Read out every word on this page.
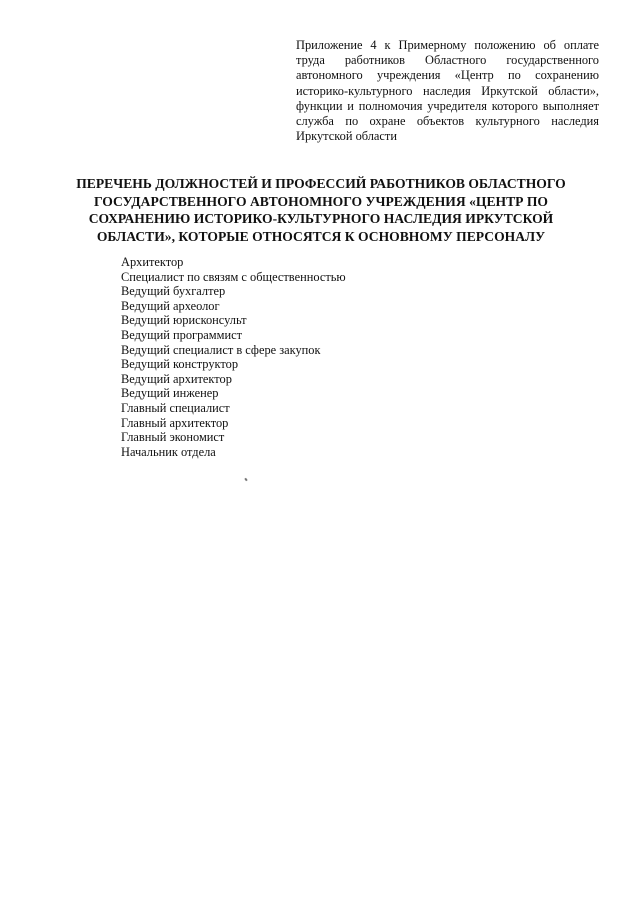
Приложение 4 к Примерному положению об оплате труда работников Областного государственного автономного учреждения «Центр по сохранению историко-культурного наследия Иркутской области», функции и полномочия учредителя которого выполняет служба по охране объектов культурного наследия Иркутской области
ПЕРЕЧЕНЬ ДОЛЖНОСТЕЙ И ПРОФЕССИЙ РАБОТНИКОВ ОБЛАСТНОГО ГОСУДАРСТВЕННОГО АВТОНОМНОГО УЧРЕЖДЕНИЯ «ЦЕНТР ПО СОХРАНЕНИЮ ИСТОРИКО-КУЛЬТУРНОГО НАСЛЕДИЯ ИРКУТСКОЙ ОБЛАСТИ», КОТОРЫЕ ОТНОСЯТСЯ К ОСНОВНОМУ ПЕРСОНАЛУ
Архитектор
Специалист по связям с общественностью
Ведущий бухгалтер
Ведущий археолог
Ведущий юрисконсульт
Ведущий программист
Ведущий специалист в сфере закупок
Ведущий конструктор
Ведущий архитектор
Ведущий инженер
Главный специалист
Главный архитектор
Главный экономист
Начальник отдела
